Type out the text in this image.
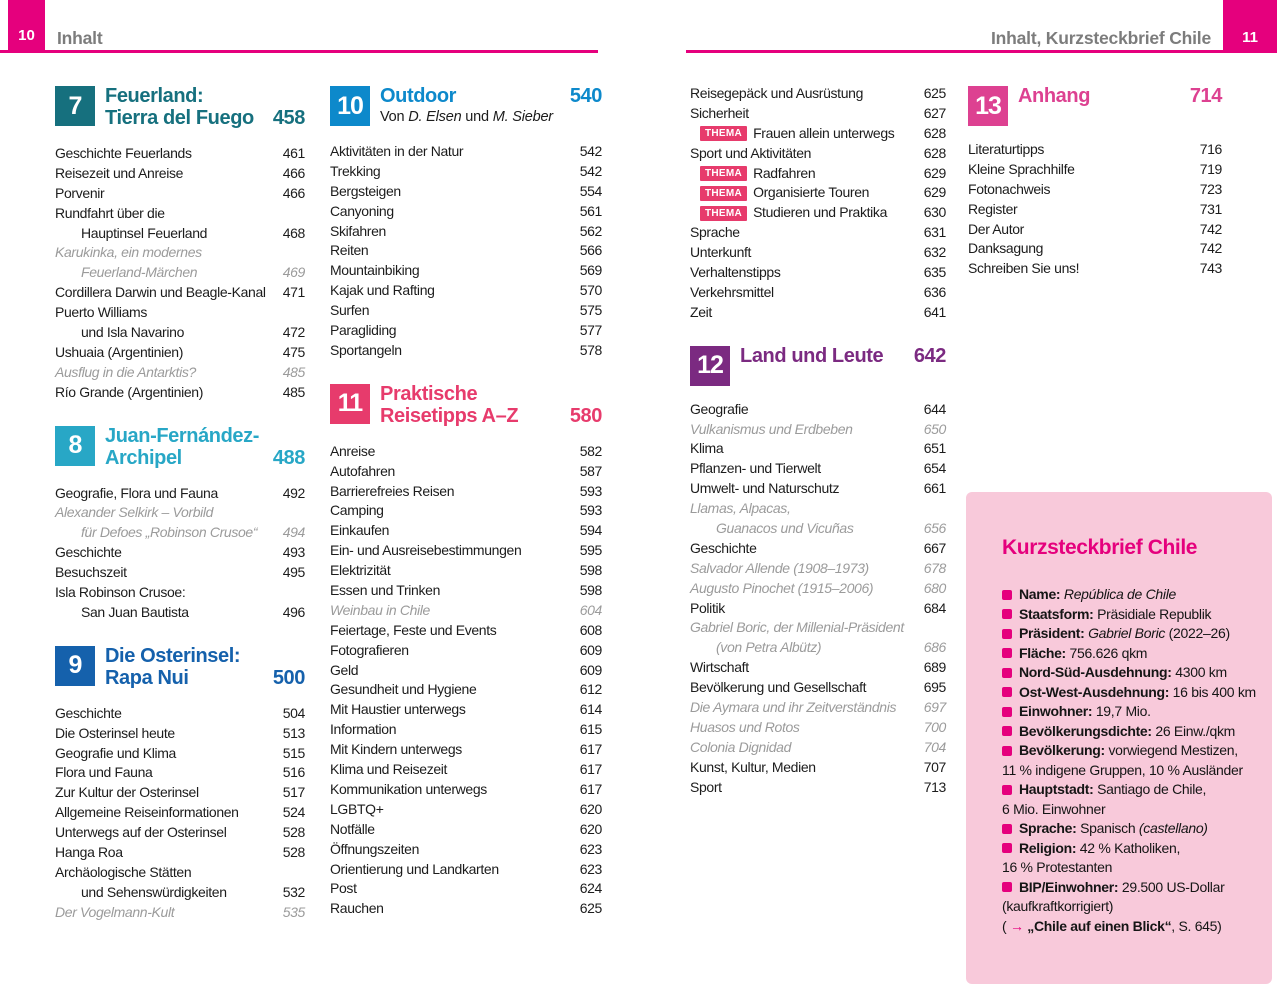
10 Inhalt	Inhalt, Kurzsteckbrief Chile 11
7	Feuerland:
Tierra del Fuego 458
Geschichte Feuerlands	461
Reisezeit und Anreise	466
Porvenir	466
Rundfahrt über die
Hauptinsel Feuerland	468
Karukinka, ein modernes
Feuerland-Märchen	469
Cordillera Darwin und Beagle-Kanal	471
Puerto Williams
und Isla Navarino	472
Ushuaia (Argentinien)	475
Ausflug in die Antarktis?	485
Río Grande (Argentinien)	485
8	Juan-Fernández-
Archipel	488
Geografie, Flora und Fauna	492
Alexander Selkirk – Vorbild
für Defoes „Robinson Crusoe“	494
Geschichte	493
Besuchszeit	495
Isla Robinson Crusoe:
San Juan Bautista	496
9	Die Osterinsel:
Rapa Nui	500
Geschichte	504
Die Osterinsel heute	513
Geografie und Klima	515
Flora und Fauna	516
Zur Kultur der Osterinsel	517
Allgemeine Reiseinformationen	524
Unterwegs auf der Osterinsel	528
Hanga Roa	528
Archäologische Stätten
und Sehenswürdigkeiten	532
Der Vogelmann-Kult	535
10 Outdoor	540
Von D. Elsen und M. Sieber
Aktivitäten in der Natur	542
Trekking	542
Bergsteigen	554
Canyoning	561
Skifahren	562
Reiten	566
Mountainbiking	569
Kajak und Rafting	570
Surfen	575
Paragliding	577
Sportangeln	578
11 Praktische
Reisetipps A–Z	580
Anreise	582
Autofahren	587
Barrierefreies Reisen	593
Camping	593
Einkaufen	594
Ein- und Ausreisebestimmungen	595
Elektrizität	598
Essen und Trinken	598
Weinbau in Chile	604
Feiertage, Feste und Events	608
Fotografieren	609
Geld	609
Gesundheit und Hygiene	612
Mit Haustier unterwegs	614
Information	615
Mit Kindern unterwegs	617
Klima und Reisezeit	617
Kommunikation unterwegs	617
LGBTQ+	620
Notfälle	620
Öffnungszeiten	623
Orientierung und Landkarten	623
Post	624
Rauchen	625
Reisegepäck und Ausrüstung	625
Sicherheit	627
THEMA Frauen allein unterwegs	628
Sport und Aktivitäten	628
THEMA Radfahren	629
THEMA Organisierte Touren	629
THEMA Studieren und Praktika	630
Sprache	631
Unterkunft	632
Verhaltenstipps	635
Verkehrsmittel	636
Zeit	641
12 Land und Leute	642
Geografie	644
Vulkanismus und Erdbeben	650
Klima	651
Pflanzen- und Tierwelt	654
Umwelt- und Naturschutz	661
Llamas, Alpacas,
Guanacos und Vicuñas	656
Geschichte	667
Salvador Allende (1908–1973)	678
Augusto Pinochet (1915–2006)	680
Politik	684
Gabriel Boric, der Millenial-Präsident
(von Petra Albütz)	686
Wirtschaft	689
Bevölkerung und Gesellschaft	695
Die Aymara und ihr Zeitverständnis	697
Huasos und Rotos	700
Colonia Dignidad	704
Kunst, Kultur, Medien	707
Sport	713
13 Anhang	714
Literaturtipps	716
Kleine Sprachhilfe	719
Fotonachweis	723
Register	731
Der Autor	742
Danksagung	742
Schreiben Sie uns!	743
Kurzsteckbrief Chile
Name: República de Chile
Staatsform: Präsidiale Republik
Präsident: Gabriel Boric (2022–26)
Fläche: 756.626 qkm
Nord-Süd-Ausdehnung: 4300 km
Ost-West-Ausdehnung: 16 bis 400 km
Einwohner: 19,7 Mio.
Bevölkerungsdichte: 26 Einw./qkm
Bevölkerung: vorwiegend Mestizen,
11 % indigene Gruppen, 10 % Ausländer
Hauptstadt: Santiago de Chile,
6 Mio. Einwohner
Sprache: Spanisch (castellano)
Religion: 42 % Katholiken,
16 % Protestanten
BIP/Einwohner: 29.500 US-Dollar
(kaufkraftkorrigiert)
( → „Chile auf einen Blick“, S. 645)
